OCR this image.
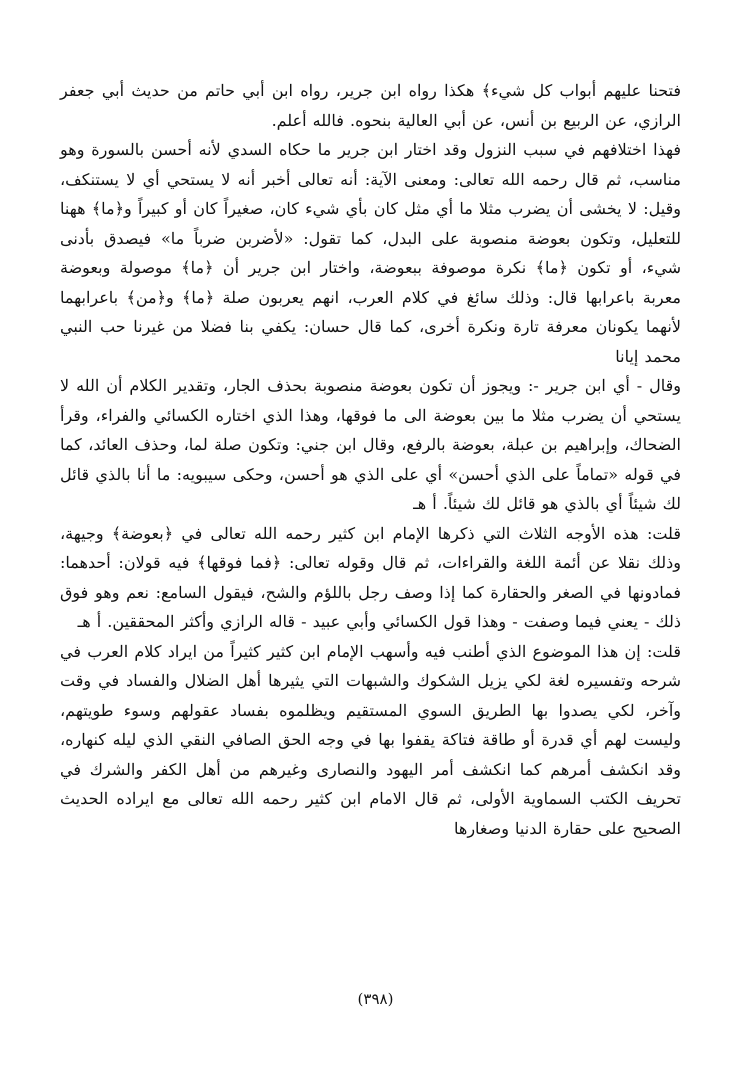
فتحنا عليهم أبواب كل شيء﴾ هكذا رواه ابن جرير، رواه ابن أبي حاتم من حديث أبي جعفر الرازي، عن الربيع بن أنس، عن أبي العالية بنحوه. فالله أعلم.

فهذا اختلافهم في سبب النزول وقد اختار ابن جرير ما حكاه السدي لأنه أحسن بالسورة وهو مناسب، ثم قال رحمه الله تعالى: ومعنى الآية: أنه تعالى أخبر أنه لا يستحي أي لا يستنكف، وقيل: لا يخشى أن يضرب مثلا ما أي مثل كان بأي شيء كان، صغيراً كان أو كبيراً و﴿ما﴾ ههنا للتعليل، وتكون بعوضة منصوبة على البدل، كما تقول: «لأضربن ضرباً ما» فيصدق بأدنى شيء، أو تكون ﴿ما﴾ نكرة موصوفة ببعوضة، واختار ابن جرير أن ﴿ما﴾ موصولة وبعوضة معربة باعرابها قال: وذلك سائغ في كلام العرب، انهم يعربون صلة ﴿ما﴾ و﴿من﴾ باعرابهما لأنهما يكونان معرفة تارة ونكرة أخرى، كما قال حسان: يكفي بنا فضلا من غيرنا حب النبي محمد إيانا

وقال - أي ابن جرير -: ويجوز أن تكون بعوضة منصوبة بحذف الجار، وتقدير الكلام أن الله لا يستحي أن يضرب مثلا ما بين بعوضة الى ما فوقها، وهذا الذي اختاره الكسائي والفراء، وقرأ الضحاك، وإبراهيم بن عبلة، بعوضة بالرفع، وقال ابن جني: وتكون صلة لما، وحذف العائد، كما في قوله «تماماً على الذي أحسن» أي على الذي هو أحسن، وحكى سيبويه: ما أنا بالذي قائل لك شيئاً أي بالذي هو قائل لك شيئاً. أ هـ

قلت: هذه الأوجه الثلاث التي ذكرها الإمام ابن كثير رحمه الله تعالى في ﴿بعوضة﴾ وجيهة، وذلك نقلا عن أئمة اللغة والقراءات، ثم قال وقوله تعالى: ﴿فما فوقها﴾ فيه قولان: أحدهما: فمادونها في الصغر والحقارة كما إذا وصف رجل باللؤم والشح، فيقول السامع: نعم وهو فوق ذلك - يعني فيما وصفت - وهذا قول الكسائي وأبي عبيد - قاله الرازي وأكثر المحققين. أ هـ

قلت: إن هذا الموضوع الذي أطنب فيه وأسهب الإمام ابن كثير كثيراً من ايراد كلام العرب في شرحه وتفسيره لغة لكي يزيل الشكوك والشبهات التي يثيرها أهل الضلال والفساد في وقت وآخر، لكي يصدوا بها الطريق السوي المستقيم ويظلموه بفساد عقولهم وسوء طويتهم، وليست لهم أي قدرة أو طاقة فتاكة يقفوا بها في وجه الحق الصافي النقي الذي ليله كنهاره، وقد انكشف أمرهم كما انكشف أمر اليهود والنصارى وغيرهم من أهل الكفر والشرك في تحريف الكتب السماوية الأولى، ثم قال الامام ابن كثير رحمه الله تعالى مع ايراده الحديث الصحيح على حقارة الدنيا وصغارها

(٣٩٨)
